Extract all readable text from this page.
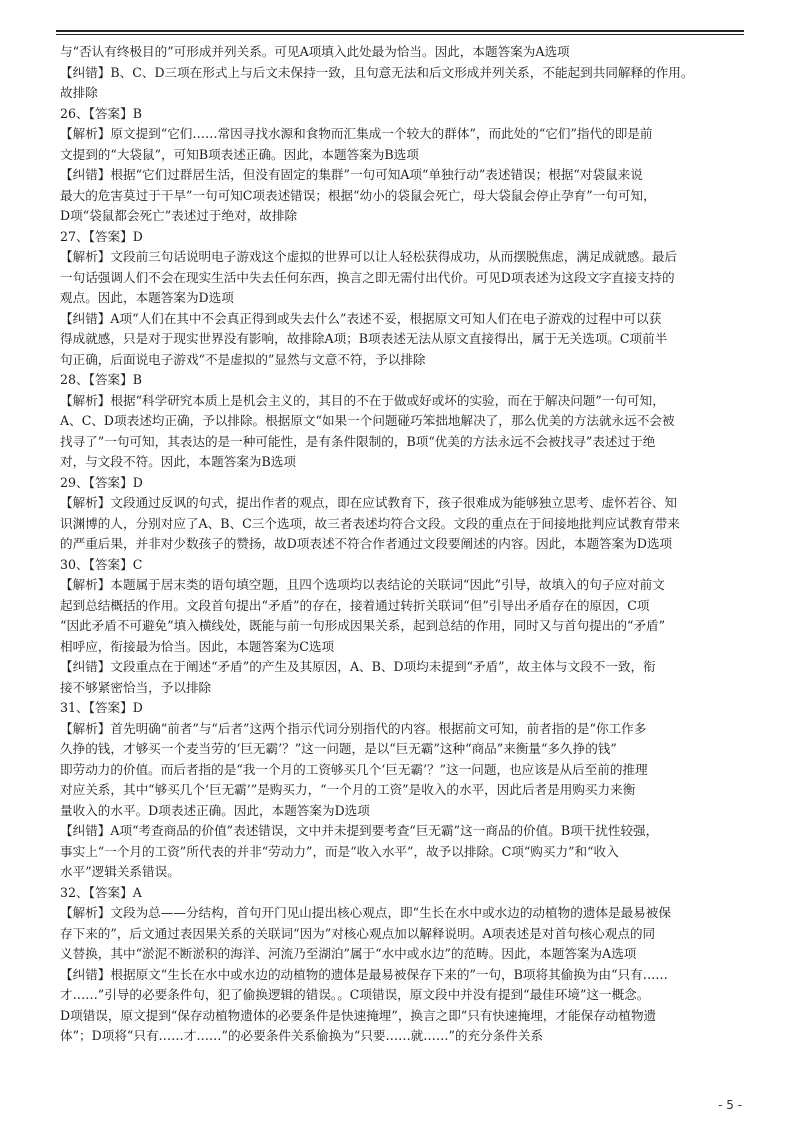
与“否认有终极目的”可形成并列关系。可见A项填入此处最为恰当。因此，本题答案为A选项
【纠错】B、C、D三项在形式上与后文未保持一致，且句意无法和后文形成并列关系，不能起到共同解释的作用。
故排除
26、【答案】B
【解析】原文提到“它们……常因寻找水源和食物而汇集成一个较大的群体”，而此处的“它们”指代的即是前
文提到的“大袋鼠”，可知B项表述正确。因此，本题答案为B选项
【纠错】根据“它们过群居生活，但没有固定的集群”一句可知A项“单独行动”表述错误；根据“对袋鼠来说
最大的危害莫过于干旱”一句可知C项表述错误；根据“幼小的袋鼠会死亡，母大袋鼠会停止孕育”一句可知，
D项“袋鼠都会死亡”表述过于绝对，故排除
27、【答案】D
【解析】文段前三句话说明电子游戏这个虚拟的世界可以让人轻松获得成功，从而摆脱焦虑，满足成就感。最后
一句话强调人们不会在现实生活中失去任何东西，换言之即无需付出代价。可见D项表述为这段文字直接支持的
观点。因此，本题答案为D选项
【纠错】A项“人们在其中不会真正得到或失去什么”表述不妥，根据原文可知人们在电子游戏的过程中可以获
得成就感，只是对于现实世界没有影响，故排除A项；B项表述无法从原文直接得出，属于无关选项。C项前半
句正确，后面说电子游戏“不是虚拟的”显然与文意不符，予以排除
28、【答案】B
【解析】根据“科学研究本质上是机会主义的，其目的不在于做或好或坏的实验，而在于解决问题”一句可知，
A、C、D项表述均正确，予以排除。根据原文“如果一个问题碰巧笨拙地解决了，那么优美的方法就永远不会被
找寻了”一句可知，其表达的是一种可能性，是有条件限制的，B项“优美的方法永远不会被找寻”表述过于绝
对，与文段不符。因此，本题答案为B选项
29、【答案】D
【解析】文段通过反讽的句式，提出作者的观点，即在应试教育下，孩子很难成为能够独立思考、虚怀若谷、知
识渊博的人，分别对应了A、B、C三个选项，故三者表述均符合文段。文段的重点在于间接地批判应试教育带来
的严重后果，并非对少数孩子的赞扬，故D项表述不符合作者通过文段要阐述的内容。因此，本题答案为D选项
30、【答案】C
【解析】本题属于居末类的语句填空题，且四个选项均以表结论的关联词“因此”引导，故填入的句子应对前文
起到总结概括的作用。文段首句提出“矛盾”的存在，接着通过转折关联词“但”引导出矛盾存在的原因，C项
“因此矛盾不可避免”填入横线处，既能与前一句形成因果关系，起到总结的作用，同时又与首句提出的“矛盾”
相呼应，衔接最为恰当。因此，本题答案为C选项
【纠错】文段重点在于阐述“矛盾”的产生及其原因，A、B、D项均未提到“矛盾”，故主体与文段不一致，衔
接不够紧密恰当，予以排除
31、【答案】D
【解析】首先明确“前者”与“后者”这两个指示代词分别指代的内容。根据前文可知，前者指的是“你工作多
久挣的钱，才够买一个麦当劳的‘巨无霸’？”这一问题，是以“巨无霸”这种“商品”来衡量“多久挣的钱”
即劳动力的价值。而后者指的是“我一个月的工资够买几个‘巨无霸’？”这一问题，也应该是从后至前的推理
对应关系，其中“够买几个‘巨无霸’”是购买力，“一个月的工资”是收入的水平，因此后者是用购买力来衡
量收入的水平。D项表述正确。因此，本题答案为D选项
【纠错】A项“考查商品的价值”表述错误，文中并未提到要考查“巨无霸”这一商品的价值。B项干扰性较强，
事实上“一个月的工资”所代表的并非“劳动力”，而是“收入水平”，故予以排除。C项“购买力”和“收入
水平”逻辑关系错误。
32、【答案】A
【解析】文段为总——分结构，首句开门见山提出核心观点，即“生长在水中或水边的动植物的遗体是最易被保
存下来的”，后文通过表因果关系的关联词“因为”对核心观点加以解释说明。A项表述是对首句核心观点的同
义替换，其中“淤泥不断淤积的海洋、河流乃至湖泊”属于“水中或水边”的范畴。因此，本题答案为A选项
【纠错】根据原文“生长在水中或水边的动植物的遗体是最易被保存下来的”一句，B项将其偷换为由“只有……
才……”引导的必要条件句，犯了偷换逻辑的错误。。C项错误，原文段中并没有提到“最佳环境”这一概念。
D项错误，原文提到“保存动植物遗体的必要条件是快速掩埋”，换言之即“只有快速掩埋，才能保存动植物遗
体”；D项将“只有……才……”的必要条件关系偷换为“只要……就……”的充分条件关系
- 5 -
